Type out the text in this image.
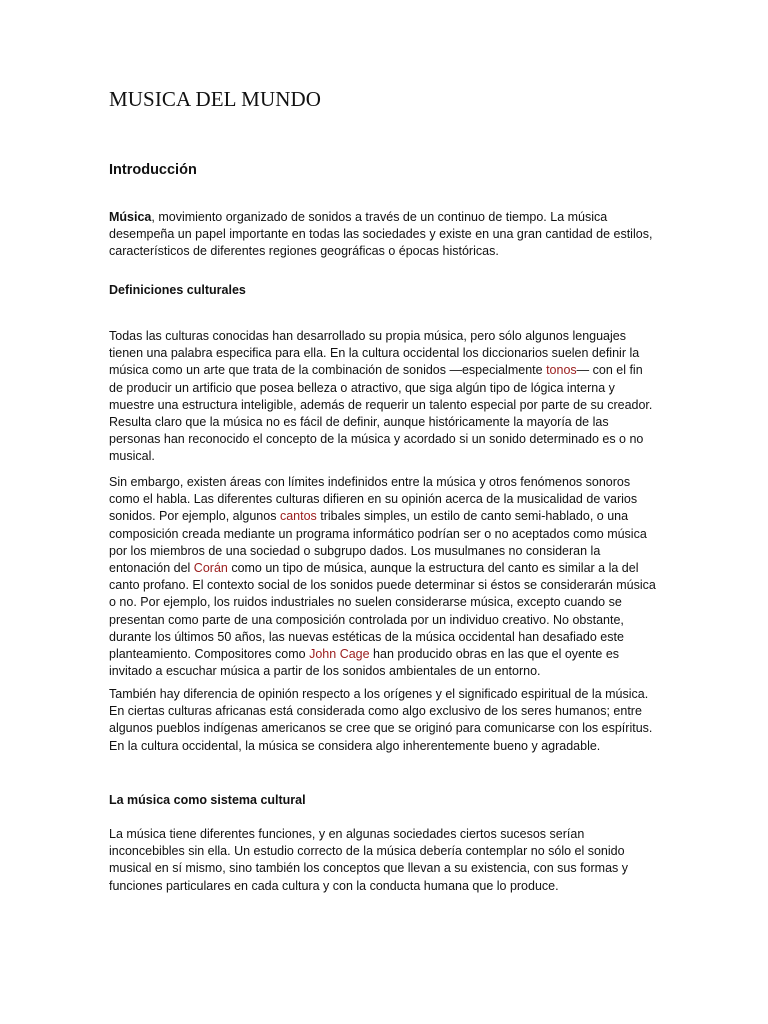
MUSICA DEL MUNDO
Introducción

Música, movimiento organizado de sonidos a través de un continuo de tiempo. La música desempeña un papel importante en todas las sociedades y existe en una gran cantidad de estilos, característicos de diferentes regiones geográficas o épocas históricas.

Definiciones culturales

Todas las culturas conocidas han desarrollado su propia música, pero sólo algunos lenguajes tienen una palabra especifica para ella. En la cultura occidental los diccionarios suelen definir la música como un arte que trata de la combinación de sonidos —especialmente tonos— con el fin de producir un artificio que posea belleza o atractivo, que siga algún tipo de lógica interna y muestre una estructura inteligible, además de requerir un talento especial por parte de su creador. Resulta claro que la música no es fácil de definir, aunque históricamente la mayoría de las personas han reconocido el concepto de la música y acordado si un sonido determinado es o no musical.

Sin embargo, existen áreas con límites indefinidos entre la música y otros fenómenos sonoros como el habla. Las diferentes culturas difieren en su opinión acerca de la musicalidad de varios sonidos. Por ejemplo, algunos cantos tribales simples, un estilo de canto semi-hablado, o una composición creada mediante un programa informático podrían ser o no aceptados como música por los miembros de una sociedad o subgrupo dados. Los musulmanes no consideran la entonación del Corán como un tipo de música, aunque la estructura del canto es similar a la del canto profano. El contexto social de los sonidos puede determinar si éstos se considerarán música o no. Por ejemplo, los ruidos industriales no suelen considerarse música, excepto cuando se presentan como parte de una composición controlada por un individuo creativo. No obstante, durante los últimos 50 años, las nuevas estéticas de la música occidental han desafiado este planteamiento. Compositores como John Cage han producido obras en las que el oyente es invitado a escuchar música a partir de los sonidos ambientales de un entorno.

También hay diferencia de opinión respecto a los orígenes y el significado espiritual de la música. En ciertas culturas africanas está considerada como algo exclusivo de los seres humanos; entre algunos pueblos indígenas americanos se cree que se originó para comunicarse con los espíritus. En la cultura occidental, la música se considera algo inherentemente bueno y agradable.

La música como sistema cultural

La música tiene diferentes funciones, y en algunas sociedades ciertos sucesos serían inconcebibles sin ella. Un estudio correcto de la música debería contemplar no sólo el sonido musical en sí mismo, sino también los conceptos que llevan a su existencia, con sus formas y funciones particulares en cada cultura y con la conducta humana que lo produce.
